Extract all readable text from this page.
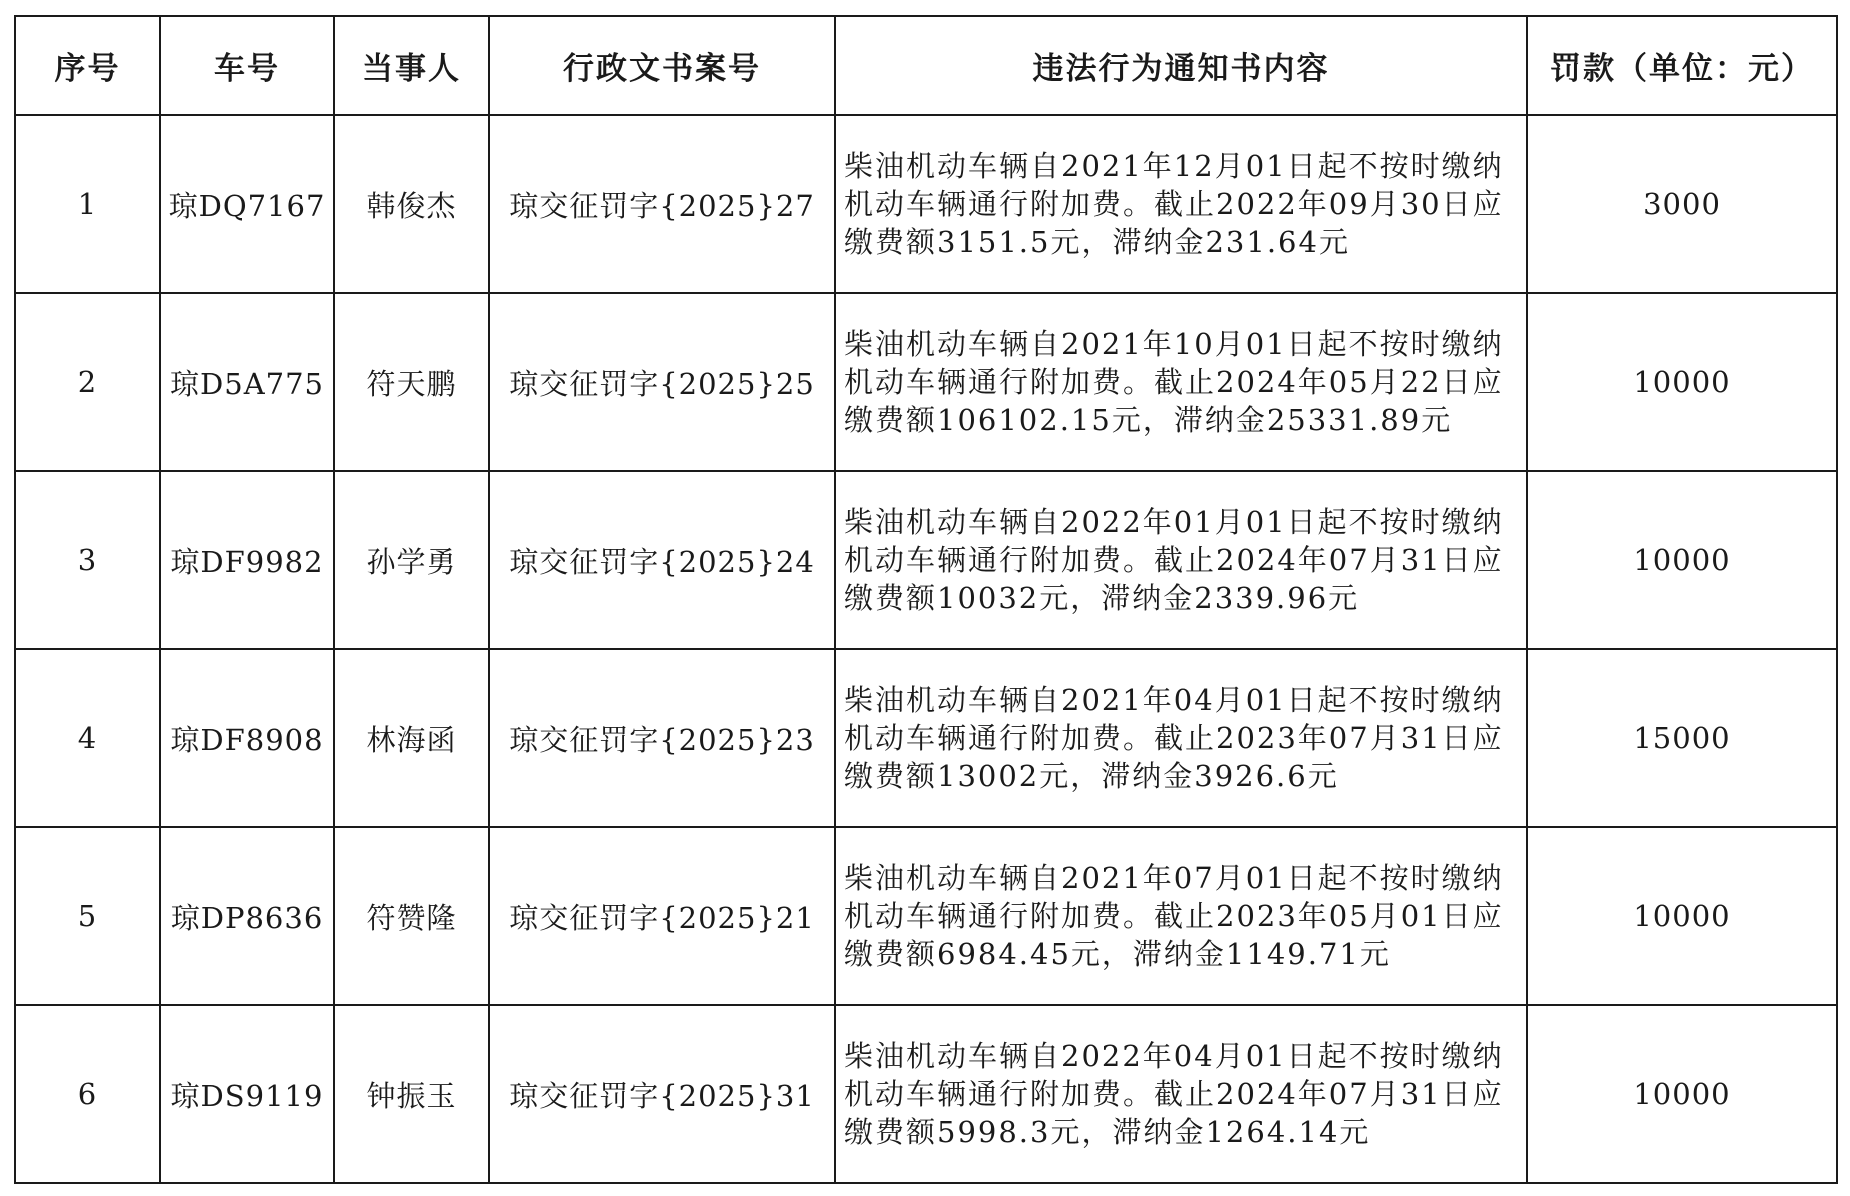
序号	车号	当事人	行政文书案号	违法行为通知书内容	罚款（单位：元）
1	琼DQ7167	韩俊杰	琼交征罚字{2025}27	柴油机动车辆自2021年12月01日起不按时缴纳机动车辆通行附加费。截止2022年09月30日应缴费额3151.5元，滞纳金231.64元	3000
2	琼D5A775	符天鹏	琼交征罚字{2025}25	柴油机动车辆自2021年10月01日起不按时缴纳机动车辆通行附加费。截止2024年05月22日应缴费额106102.15元，滞纳金25331.89元	10000
3	琼DF9982	孙学勇	琼交征罚字{2025}24	柴油机动车辆自2022年01月01日起不按时缴纳机动车辆通行附加费。截止2024年07月31日应缴费额10032元，滞纳金2339.96元	10000
4	琼DF8908	林海函	琼交征罚字{2025}23	柴油机动车辆自2021年04月01日起不按时缴纳机动车辆通行附加费。截止2023年07月31日应缴费额13002元，滞纳金3926.6元	15000
5	琼DP8636	符赞隆	琼交征罚字{2025}21	柴油机动车辆自2021年07月01日起不按时缴纳机动车辆通行附加费。截止2023年05月01日应缴费额6984.45元，滞纳金1149.71元	10000
6	琼DS9119	钟振玉	琼交征罚字{2025}31	柴油机动车辆自2022年04月01日起不按时缴纳机动车辆通行附加费。截止2024年07月31日应缴费额5998.3元，滞纳金1264.14元	10000
